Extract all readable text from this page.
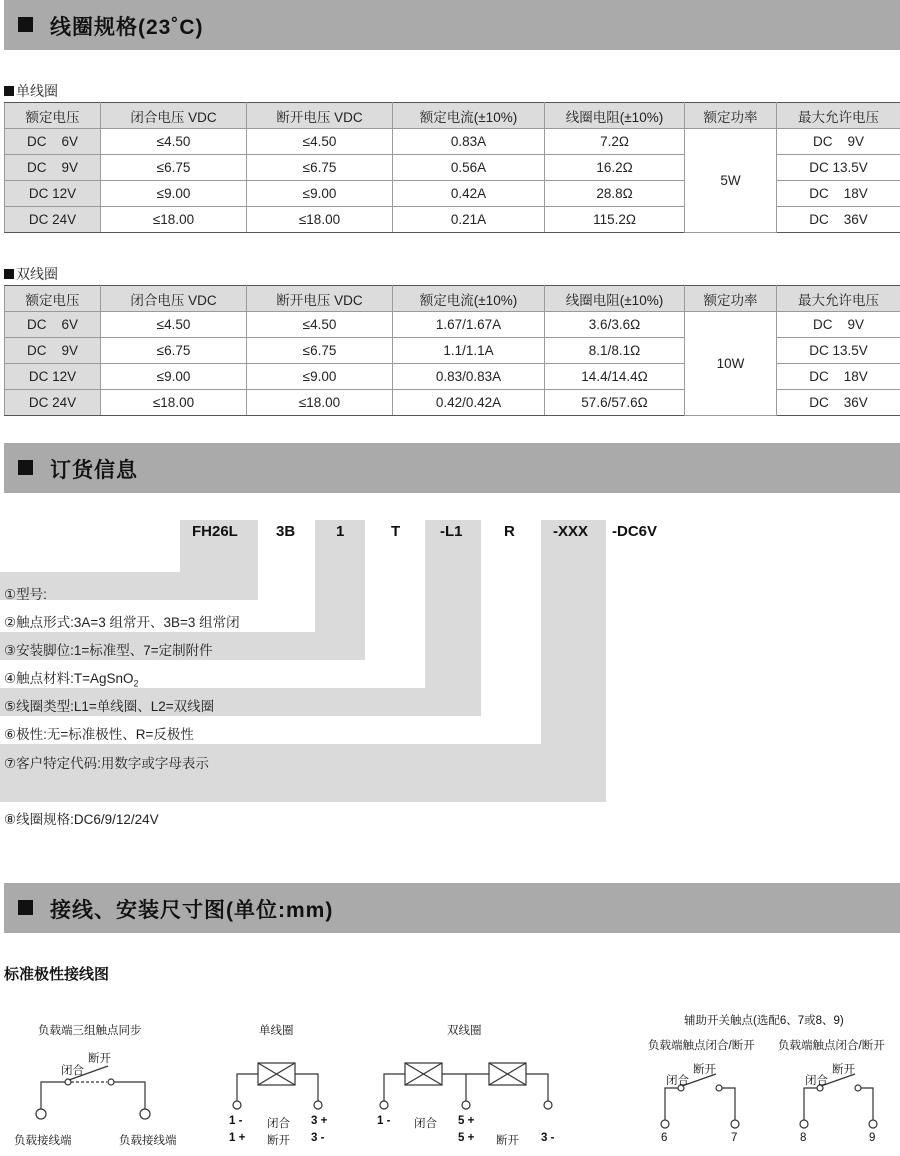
线圈规格(23˚C)
单线圈
额定电压	闭合电压 VDC	断开电压 VDC	额定电流(±10%)	线圈电阻(±10%)	额定功率	最大允许电压
DC    6V	≤4.50	≤4.50	0.83A	7.2Ω	5W	DC    9V
DC    9V	≤6.75	≤6.75	0.56A	16.2Ω		DC 13.5V
DC 12V	≤9.00	≤9.00	0.42A	28.8Ω		DC    18V
DC 24V	≤18.00	≤18.00	0.21A	115.2Ω		DC    36V
双线圈
额定电压	闭合电压 VDC	断开电压 VDC	额定电流(±10%)	线圈电阻(±10%)	额定功率	最大允许电压
DC    6V	≤4.50	≤4.50	1.67/1.67A	3.6/3.6Ω	10W	DC    9V
DC    9V	≤6.75	≤6.75	1.1/1.1A	8.1/8.1Ω		DC 13.5V
DC 12V	≤9.00	≤9.00	0.83/0.83A	14.4/14.4Ω		DC    18V
DC 24V	≤18.00	≤18.00	0.42/0.42A	57.6/57.6Ω		DC    36V
订货信息
FH26L	3B	1	T	-L1	R	-XXX -DC6V
①型号:
②触点形式:3A=3 组常开、3B=3 组常闭
③安装脚位:1=标准型、7=定制附件
④触点材料:T=AgSnO$_2$
⑤线圈类型:L1=单线圈、L2=双线圈
⑥极性:无=标准极性、R=反极性
⑦客户特定代码:用数字或字母表示
⑧线圈规格:DC6/9/12/24V
接线、安装尺寸图(单位:mm)
标准极性接线图
负载端三组触点同步
断开
闭合
负载接线端	负载接线端
单线圈
1 -
1 +
闭合
断开
3 +
3 -
双线圈
1 - 闭合 5 +
5 + 断开 3 -
辅助开关触点(选配6、7或8、9)
负载端触点闭合/断开 负载端触点闭合/断开
断开
闭合
断开
闭合
6	7	8	9
